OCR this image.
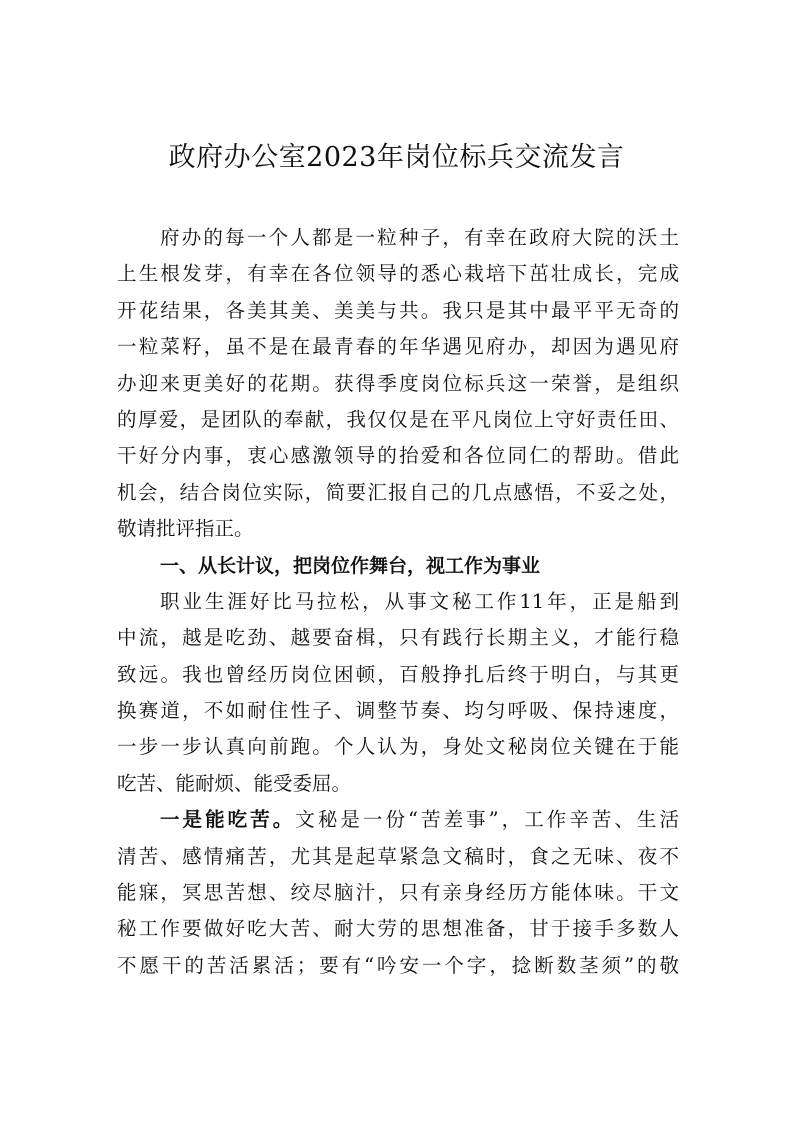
政府办公室2023年岗位标兵交流发言
府办的每一个人都是一粒种子，有幸在政府大院的沃土
上生根发芽，有幸在各位领导的悉心栽培下茁壮成长，完成
开花结果，各美其美、美美与共。我只是其中最平平无奇的
一粒菜籽，虽不是在最青春的年华遇见府办，却因为遇见府
办迎来更美好的花期。获得季度岗位标兵这一荣誉，是组织
的厚爱，是团队的奉献，我仅仅是在平凡岗位上守好责任田、
干好分内事，衷心感激领导的抬爱和各位同仁的帮助。借此
机会，结合岗位实际，简要汇报自己的几点感悟，不妥之处，
敬请批评指正。
一、从长计议，把岗位作舞台，视工作为事业
职业生涯好比马拉松，从事文秘工作11年，正是船到
中流，越是吃劲、越要奋楫，只有践行长期主义，才能行稳
致远。我也曾经历岗位困顿，百般挣扎后终于明白，与其更
换赛道，不如耐住性子、调整节奏、均匀呼吸、保持速度，
一步一步认真向前跑。个人认为，身处文秘岗位关键在于能
吃苦、能耐烦、能受委屈。
一是能吃苦。文秘是一份“苦差事”，工作辛苦、生活
清苦、感情痛苦，尤其是起草紧急文稿时，食之无味、夜不
能寐，冥思苦想、绞尽脑汁，只有亲身经历方能体味。干文
秘工作要做好吃大苦、耐大劳的思想准备，甘于接手多数人
不愿干的苦活累活；要有“吟安一个字，捻断数茎须”的敬
